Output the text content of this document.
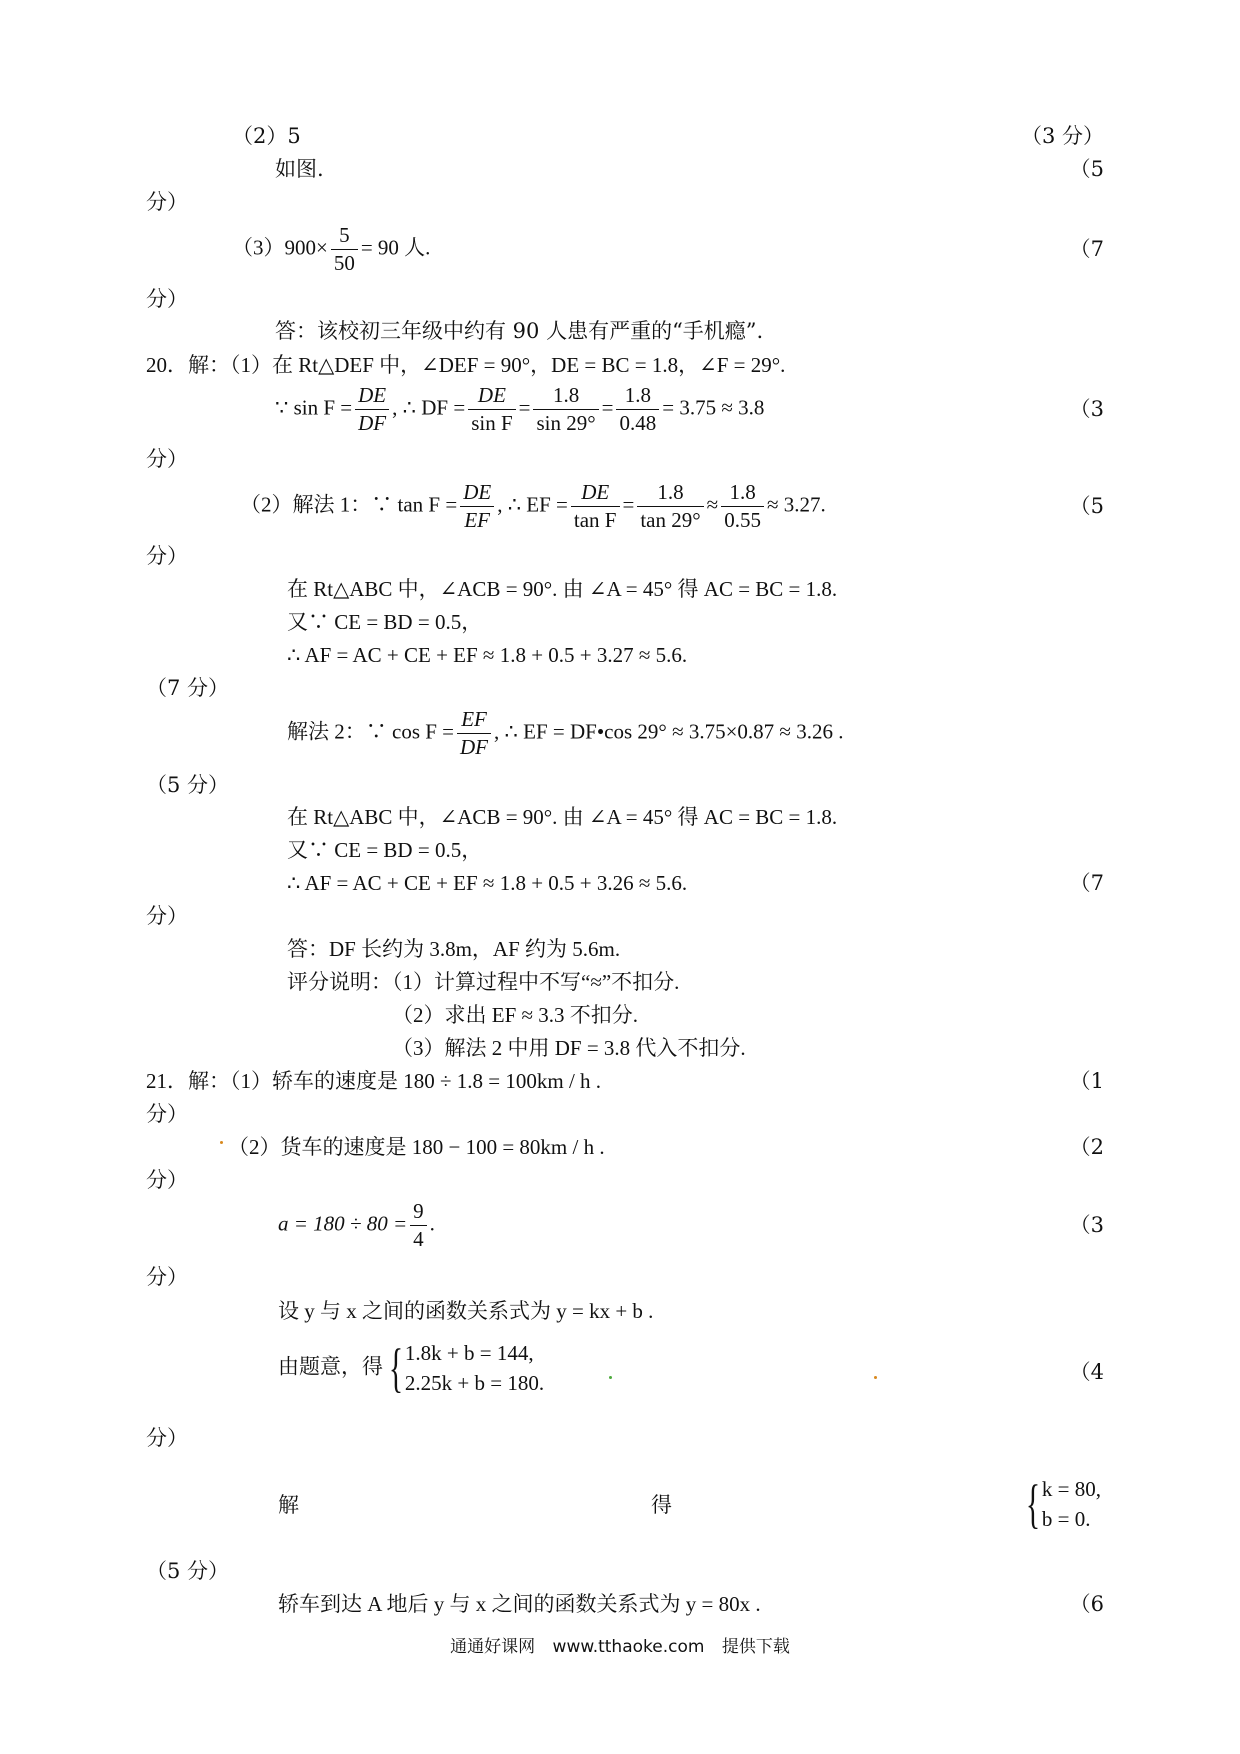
（2）5	（3 分）
如图.	（5
分）
$(3)900\times \frac{5}{50} = 90$ 人.	（7
分）
答：该校初三年级中约有 90 人患有严重的“手机瘾”.
20．解：（1）在 Rt△DEF 中，∠DEF = 90°，DE = BC = 1.8，∠F = 29°.
∵ $\sin F = \frac{DE}{DF}$ , ∴ DF = $\frac{DE}{\text{sin F}} = \frac{1.8}{\sin 29^\circ} = \frac{1.8}{0.48} = 3.75 \approx 3.8$	（3
分）
（2）解法 1：∵ $\tan F = \frac{DE}{EF}$ , ∴ EF = $\frac{DE}{\text{tan F}} = \frac{1.8}{\tan 29^\circ} \approx \frac{1.8}{0.55} \approx 3.27$.	（5
分）
在 Rt△ABC 中，∠ACB = 90°. 由 ∠A = 45° 得 AC = BC = 1.8.
又∵ CE = BD = 0.5，
∴ AF = AC + CE + EF ≈ 1.8 + 0.5 + 3.27 ≈ 5.6.
（7 分）
解法 2：∵ $\cos F = \frac{EF}{DF}$ , ∴ EF = DF•cos 29° ≈ 3.75×0.87 ≈ 3.26 .
（5 分）
在 Rt△ABC 中，∠ACB = 90°. 由 ∠A = 45° 得 AC = BC = 1.8.
又∵ CE = BD = 0.5，
∴ AF = AC + CE + EF ≈ 1.8 + 0.5 + 3.26 ≈ 5.6.	（7
分）
答：DF 长约为 3.8m，AF 约为 5.6m.
评分说明：（1）计算过程中不写“≈”不扣分.
（2）求出 EF ≈ 3.3 不扣分.
（3）解法 2 中用 DF = 3.8 代入不扣分.
21．解：（1）轿车的速度是 180 ÷ 1.8 = 100km / h .	（1
分）
（2）货车的速度是 180 − 100 = 80km / h .	（2
分）
$a = 180 \div 80 = \frac{9}{4}$ .	（3
分）
设 y 与 x 之间的函数关系式为 y = kx + b .
由题意，得 { 1.8k + b = 144,
2.25k + b = 180.	（4
分）
解	得	{ k = 80,
b = 0.
（5 分）
轿车到达 A 地后 y 与 x 之间的函数关系式为 y = 80x .	（6
通通好课网 www.tthaoke.com 提供下载
